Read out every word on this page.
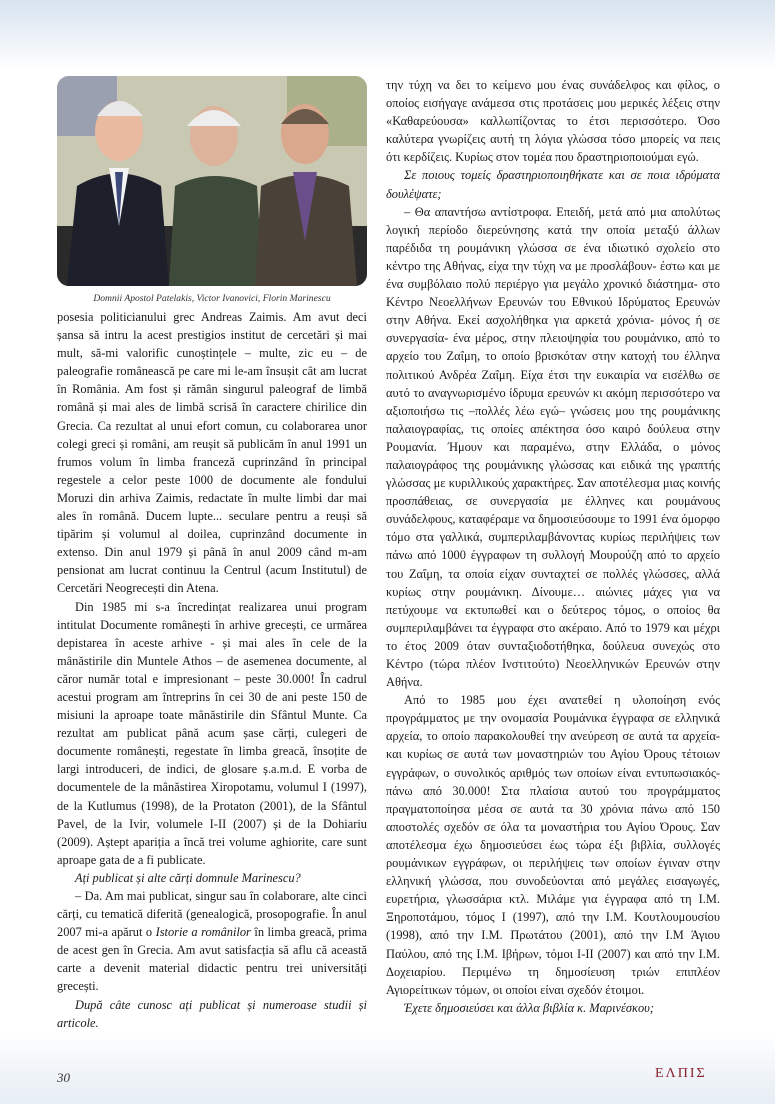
Domnii Apostol Patelakis, Victor Ivanovici, Florin Marinescu

posesia politicianului grec Andreas Zaimis. Am avut deci șansa să intru la acest prestigios institut de cercetări și mai mult, să-mi valorific cunoștințele – multe, zic eu – de paleografie românească pe care mi le-am însușit cât am lucrat în România. Am fost și rămân singurul paleograf de limbă română și mai ales de limbă scrisă în caractere chirilice din Grecia. Ca rezultat al unui efort comun, cu colaborarea unor colegi greci și români, am reușit să publicăm în anul 1991 un frumos volum în limba franceză cuprinzând în principal regestele a celor peste 1000 de documente ale fondului Moruzi din arhiva Zaimis, redactate în multe limbi dar mai ales în română. Ducem lupte... seculare pentru a reuși să tipărim și volumul al doilea, cuprinzând documente in extenso. Din anul 1979 și până în anul 2009 când m-am pensionat am lucrat continuu la Centrul (acum Institutul) de Cercetări Neogrecești din Atena.

Din 1985 mi s-a încredințat realizarea unui program intitulat Documente românești în arhive grecești, ce urmărea depistarea în aceste arhive - și mai ales în cele de la mânăstirile din Muntele Athos – de asemenea documente, al căror număr total e impresionant – peste 30.000! În cadrul acestui program am întreprins în cei 30 de ani peste 150 de misiuni la aproape toate mânăstirile din Sfântul Munte. Ca rezultat am publicat până acum șase cărți, culegeri de documente românești, regestate în limba greacă, însoțite de largi introduceri, de indici, de glosare ș.a.m.d. E vorba de documentele de la mânăstirea Xiropotamu, volumul I (1997), de la Kutlumus (1998), de la Protaton (2001), de la Sfântul Pavel, de la Ivir, volumele I-II (2007) și de la Dohiariu (2009). Aștept apariția a încă trei volume aghiorite, care sunt aproape gata de a fi publicate.

Ați publicat și alte cărți domnule Marinescu?

– Da. Am mai publicat, singur sau în colaborare, alte cinci cărți, cu tematică diferită (genealogică, prosopografie. În anul 2007 mi-a apărut o Istorie a românilor în limba greacă, prima de acest gen în Grecia. Am avut satisfacția să aflu că această carte a devenit material didactic pentru trei universități grecești.

După câte cunosc ați publicat și numeroase studii și articole.

την τύχη να δει το κείμενο μου ένας συνάδελφος και φίλος, ο οποίος εισήγαγε ανάμεσα στις προτάσεις μου μερικές λέξεις στην «Καθαρεύουσα» καλλωπίζοντας το έτσι περισσότερο. Όσο καλύτερα γνωρίζεις αυτή τη λόγια γλώσσα τόσο μπορείς να πεις ότι κερδίζεις. Κυρίως στον τομέα που δραστηριοποιούμαι εγώ.

Σε ποιους τομείς δραστηριοποιηθήκατε και σε ποια ιδρύματα δουλέψατε;

– Θα απαντήσω αντίστροφα. Επειδή, μετά από μια απολύτως λογική περίοδο διερεύνησης κατά την οποία μεταξύ άλλων παρέδιδα τη ρουμάνικη γλώσσα σε ένα ιδιωτικό σχολείο στο κέντρο της Αθήνας, είχα την τύχη να με προσλάβουν- έστω και με ένα συμβόλαιο πολύ περιέργο για μεγάλο χρονικό διάστημα- στο Κέντρο Νεοελλήνων Ερευνών του Εθνικού Ιδρύματος Ερευνών στην Αθήνα. Εκεί ασχολήθηκα για αρκετά χρόνια- μόνος ή σε συνεργασία- ένα μέρος, στην πλειοψηφία του ρουμάνικο, από το αρχείο του Ζαΐμη, το οποίο βρισκόταν στην κατοχή του έλληνα πολιτικού Ανδρέα Ζαΐμη. Είχα έτσι την ευκαιρία να εισέλθω σε αυτό το αναγνωρισμένο ίδρυμα ερευνών κι ακόμη περισσότερο να αξιοποιήσω τις –πολλές λέω εγώ– γνώσεις μου της ρουμάνικης παλαιογραφίας, τις οποίες απέκτησα όσο καιρό δούλευα στην Ρουμανία. Ήμουν και παραμένω, στην Ελλάδα, ο μόνος παλαιογράφος της ρουμάνικης γλώσσας και ειδικά της γραπτής γλώσσας με κυριλλικούς χαρακτήρες. Σαν αποτέλεσμα μιας κοινής προσπάθειας, σε συνεργασία με έλληνες και ρουμάνους συνάδελφους, καταφέραμε να δημοσιεύσουμε το 1991 ένα όμορφο τόμο στα γαλλικά, συμπεριλαμβάνοντας κυρίως περιλήψεις των πάνω από 1000 έγγραφων τη συλλογή Μουρούζη από το αρχείο του Ζαΐμη, τα οποία είχαν συνταχτεί σε πολλές γλώσσες, αλλά κυρίως στην ρουμάνικη. Δίνουμε… αιώνιες μάχες για να πετύχουμε να εκτυπωθεί και ο δεύτερος τόμος, ο οποίος θα συμπεριλαμβάνει τα έγγραφα στο ακέραιο. Από το 1979 και μέχρι το έτος 2009 όταν συνταξιοδοτήθηκα, δούλευα συνεχώς στο Κέντρο (τώρα πλέον Ινστιτούτο) Νεοελληνικών Ερευνών στην Αθήνα.

Από το 1985 μου έχει ανατεθεί η υλοποίηση ενός προγράμματος με την ονομασία Ρουμάνικα έγγραφα σε ελληνικά αρχεία, το οποίο παρακολουθεί την ανεύρεση σε αυτά τα αρχεία- και κυρίως σε αυτά των μοναστηριών του Αγίου Όρους τέτοιων εγγράφων, ο συνολικός αριθμός των οποίων είναι εντυπωσιακός- πάνω από 30.000! Στα πλαίσια αυτού του προγράμματος πραγματοποίησα μέσα σε αυτά τα 30 χρόνια πάνω από 150 αποστολές σχεδόν σε όλα τα μοναστήρια του Αγίου Όρους. Σαν αποτέλεσμα έχω δημοσιεύσει έως τώρα έξι βιβλία, συλλογές ρουμάνικων εγγράφων, οι περιλήψεις των οποίων έγιναν στην ελληνική γλώσσα, που συνοδεύονται από μεγάλες εισαγωγές, ευρετήρια, γλωσσάρια κτλ. Μιλάμε για έγγραφα από τη Ι.Μ. Ξηροποτάμου, τόμος Ι (1997), από την Ι.Μ. Κουτλουμουσίου (1998), από την Ι.Μ. Πρωτάτου (2001), από την Ι.Μ Άγιου Παύλου, από της Ι.Μ. Ιβήρων, τόμοι Ι-ΙΙ (2007) και από την Ι.Μ. Δοχειαρίου. Περιμένω τη δημοσίευση τριών επιπλέον Αγιορείτικων τόμων, οι οποίοι είναι σχεδόν έτοιμοι.

Έχετε δημοσιεύσει και άλλα βιβλία κ. Μαρινέσκου;

30	ΕΛΠΙΣ
